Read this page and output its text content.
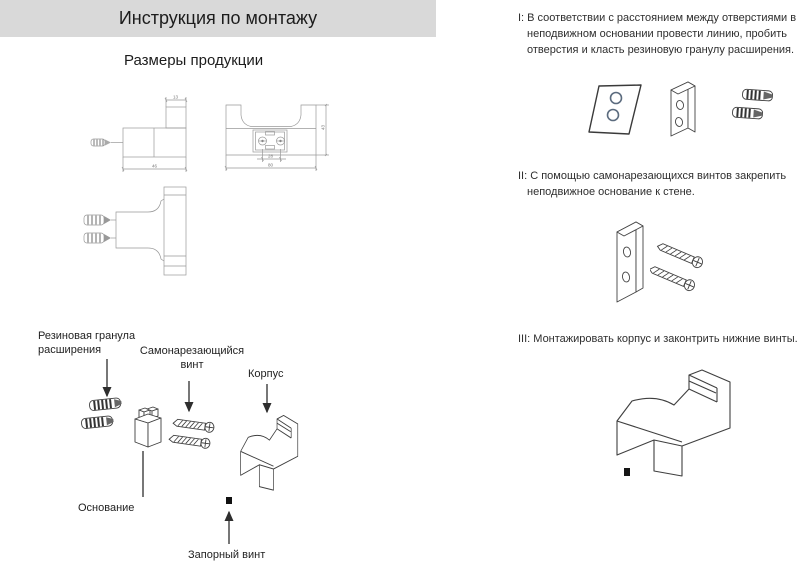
Инструкция по монтажу
Размеры продукции
13
46
28
80
43
Резиновая гранула расширения	Самонарезающийся винт
Корпус
Основание
Запорный винт
I: В соответствии с расстоянием между отверстиями в неподвижном основании провести линию, пробить отверстия и класть резиновую гранулу расширения.
II: С помощью самонарезающихся винтов закрепить неподвижное основание к стене.
III: Монтажировать корпус и законтрить нижние винты.
